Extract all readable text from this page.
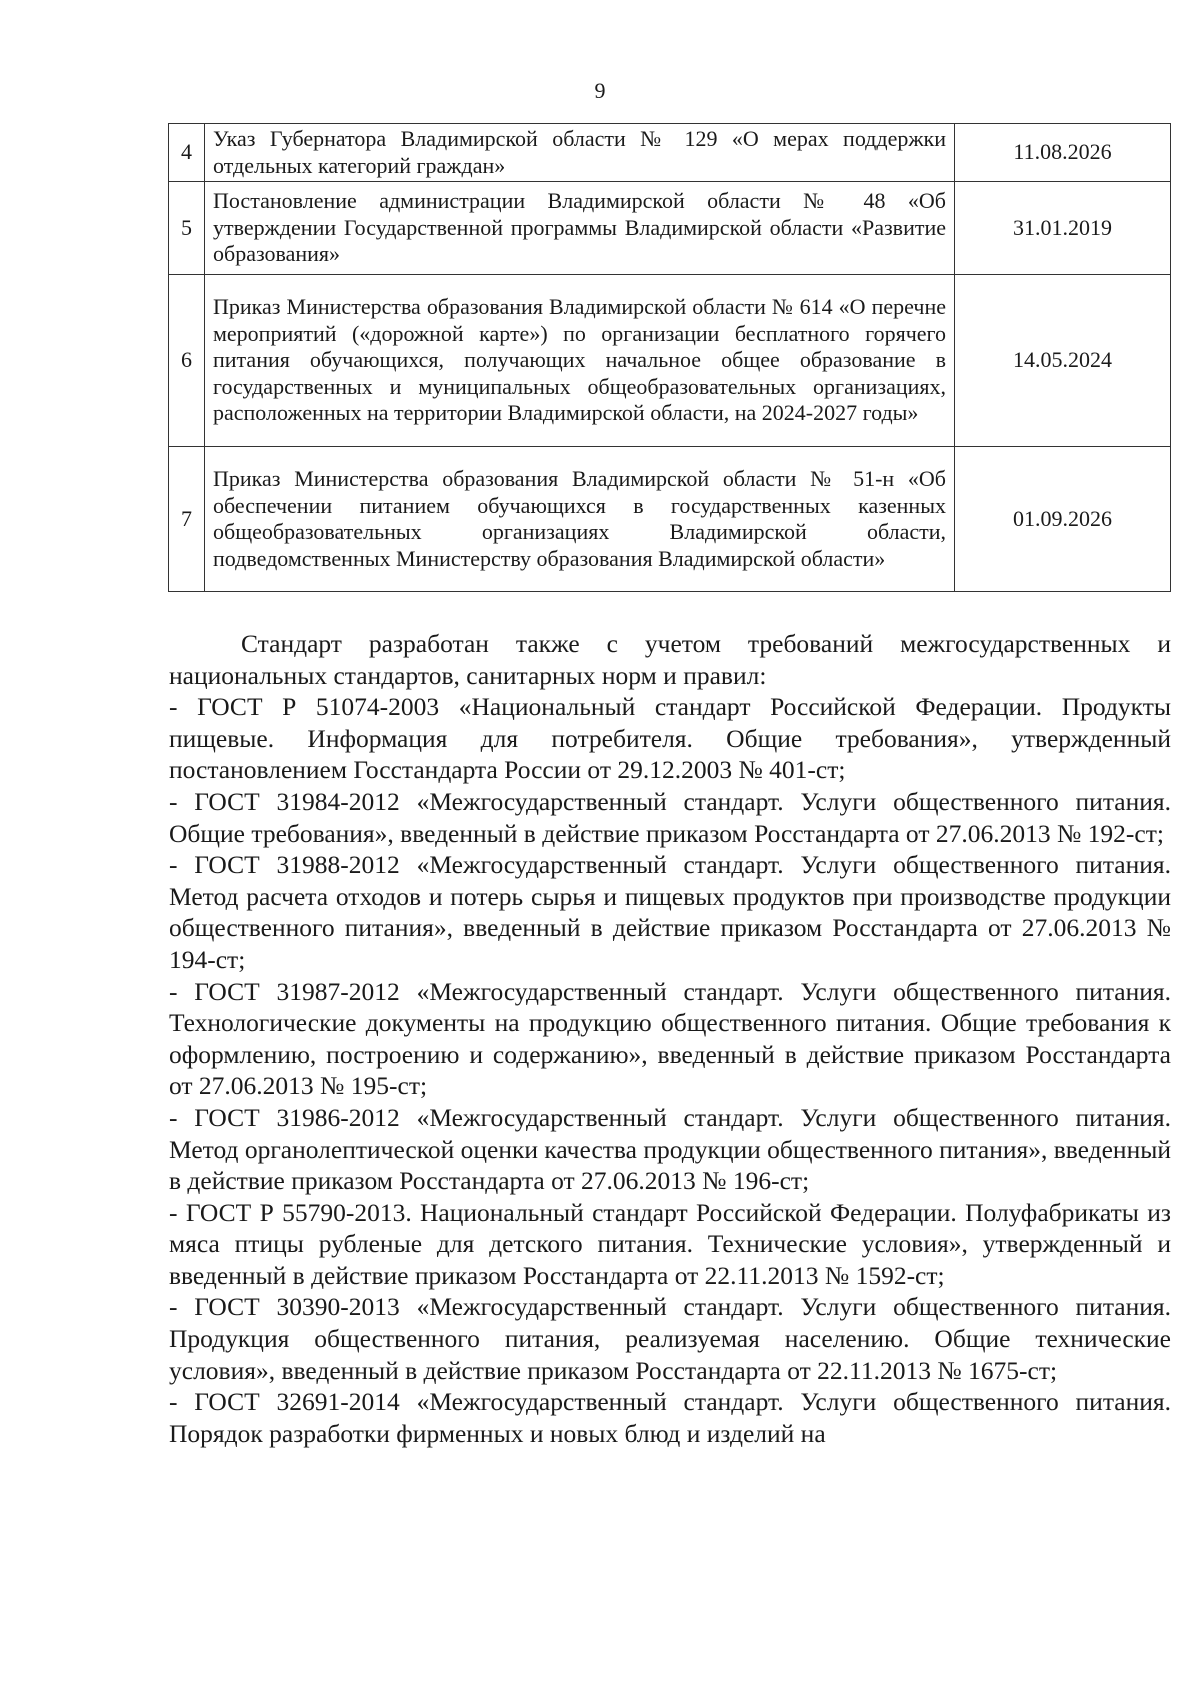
9
4	Указ Губернатора Владимирской области № 129 «О мерах поддержки отдельных категорий граждан»	11.08.2026
5	Постановление администрации Владимирской области № 48 «Об утверждении Государственной программы Владимирской области «Развитие образования»	31.01.2019
6	Приказ Министерства образования Владимирской области № 614 «О перечне мероприятий («дорожной карте») по организации бесплатного горячего питания обучающихся, получающих начальное общее образование в государственных и муниципальных общеобразовательных организациях, расположенных на территории Владимирской области, на 2024-2027 годы»	14.05.2024
7	Приказ Министерства образования Владимирской области № 51-н «Об обеспечении питанием обучающихся в государственных казенных общеобразовательных организациях Владимирской области, подведомственных Министерству образования Владимирской области»	01.09.2026

Стандарт разработан также с учетом требований межгосударственных и национальных стандартов, санитарных норм и правил:

- ГОСТ Р 51074-2003 «Национальный стандарт Российской Федерации. Продукты пищевые. Информация для потребителя. Общие требования», утвержденный постановлением Госстандарта России от 29.12.2003 № 401-ст;

- ГОСТ 31984-2012 «Межгосударственный стандарт. Услуги общественного питания. Общие требования», введенный в действие приказом Росстандарта от 27.06.2013 № 192-ст;

- ГОСТ 31988-2012 «Межгосударственный стандарт. Услуги общественного питания. Метод расчета отходов и потерь сырья и пищевых продуктов при производстве продукции общественного питания», введенный в действие приказом Росстандарта от 27.06.2013 № 194-ст;

- ГОСТ 31987-2012 «Межгосударственный стандарт. Услуги общественного питания. Технологические документы на продукцию общественного питания. Общие требования к оформлению, построению и содержанию», введенный в действие приказом Росстандарта от 27.06.2013 № 195-ст;

- ГОСТ 31986-2012 «Межгосударственный стандарт. Услуги общественного питания. Метод органолептической оценки качества продукции общественного питания», введенный в действие приказом Росстандарта от 27.06.2013 № 196-ст;

- ГОСТ Р 55790-2013. Национальный стандарт Российской Федерации. Полуфабрикаты из мяса птицы рубленые для детского питания. Технические условия», утвержденный и введенный в действие приказом Росстандарта от 22.11.2013 № 1592-ст;

- ГОСТ 30390-2013 «Межгосударственный стандарт. Услуги общественного питания. Продукция общественного питания, реализуемая населению. Общие технические условия», введенный в действие приказом Росстандарта от 22.11.2013 № 1675-ст;

- ГОСТ 32691-2014 «Межгосударственный стандарт. Услуги общественного питания. Порядок разработки фирменных и новых блюд и изделий на
